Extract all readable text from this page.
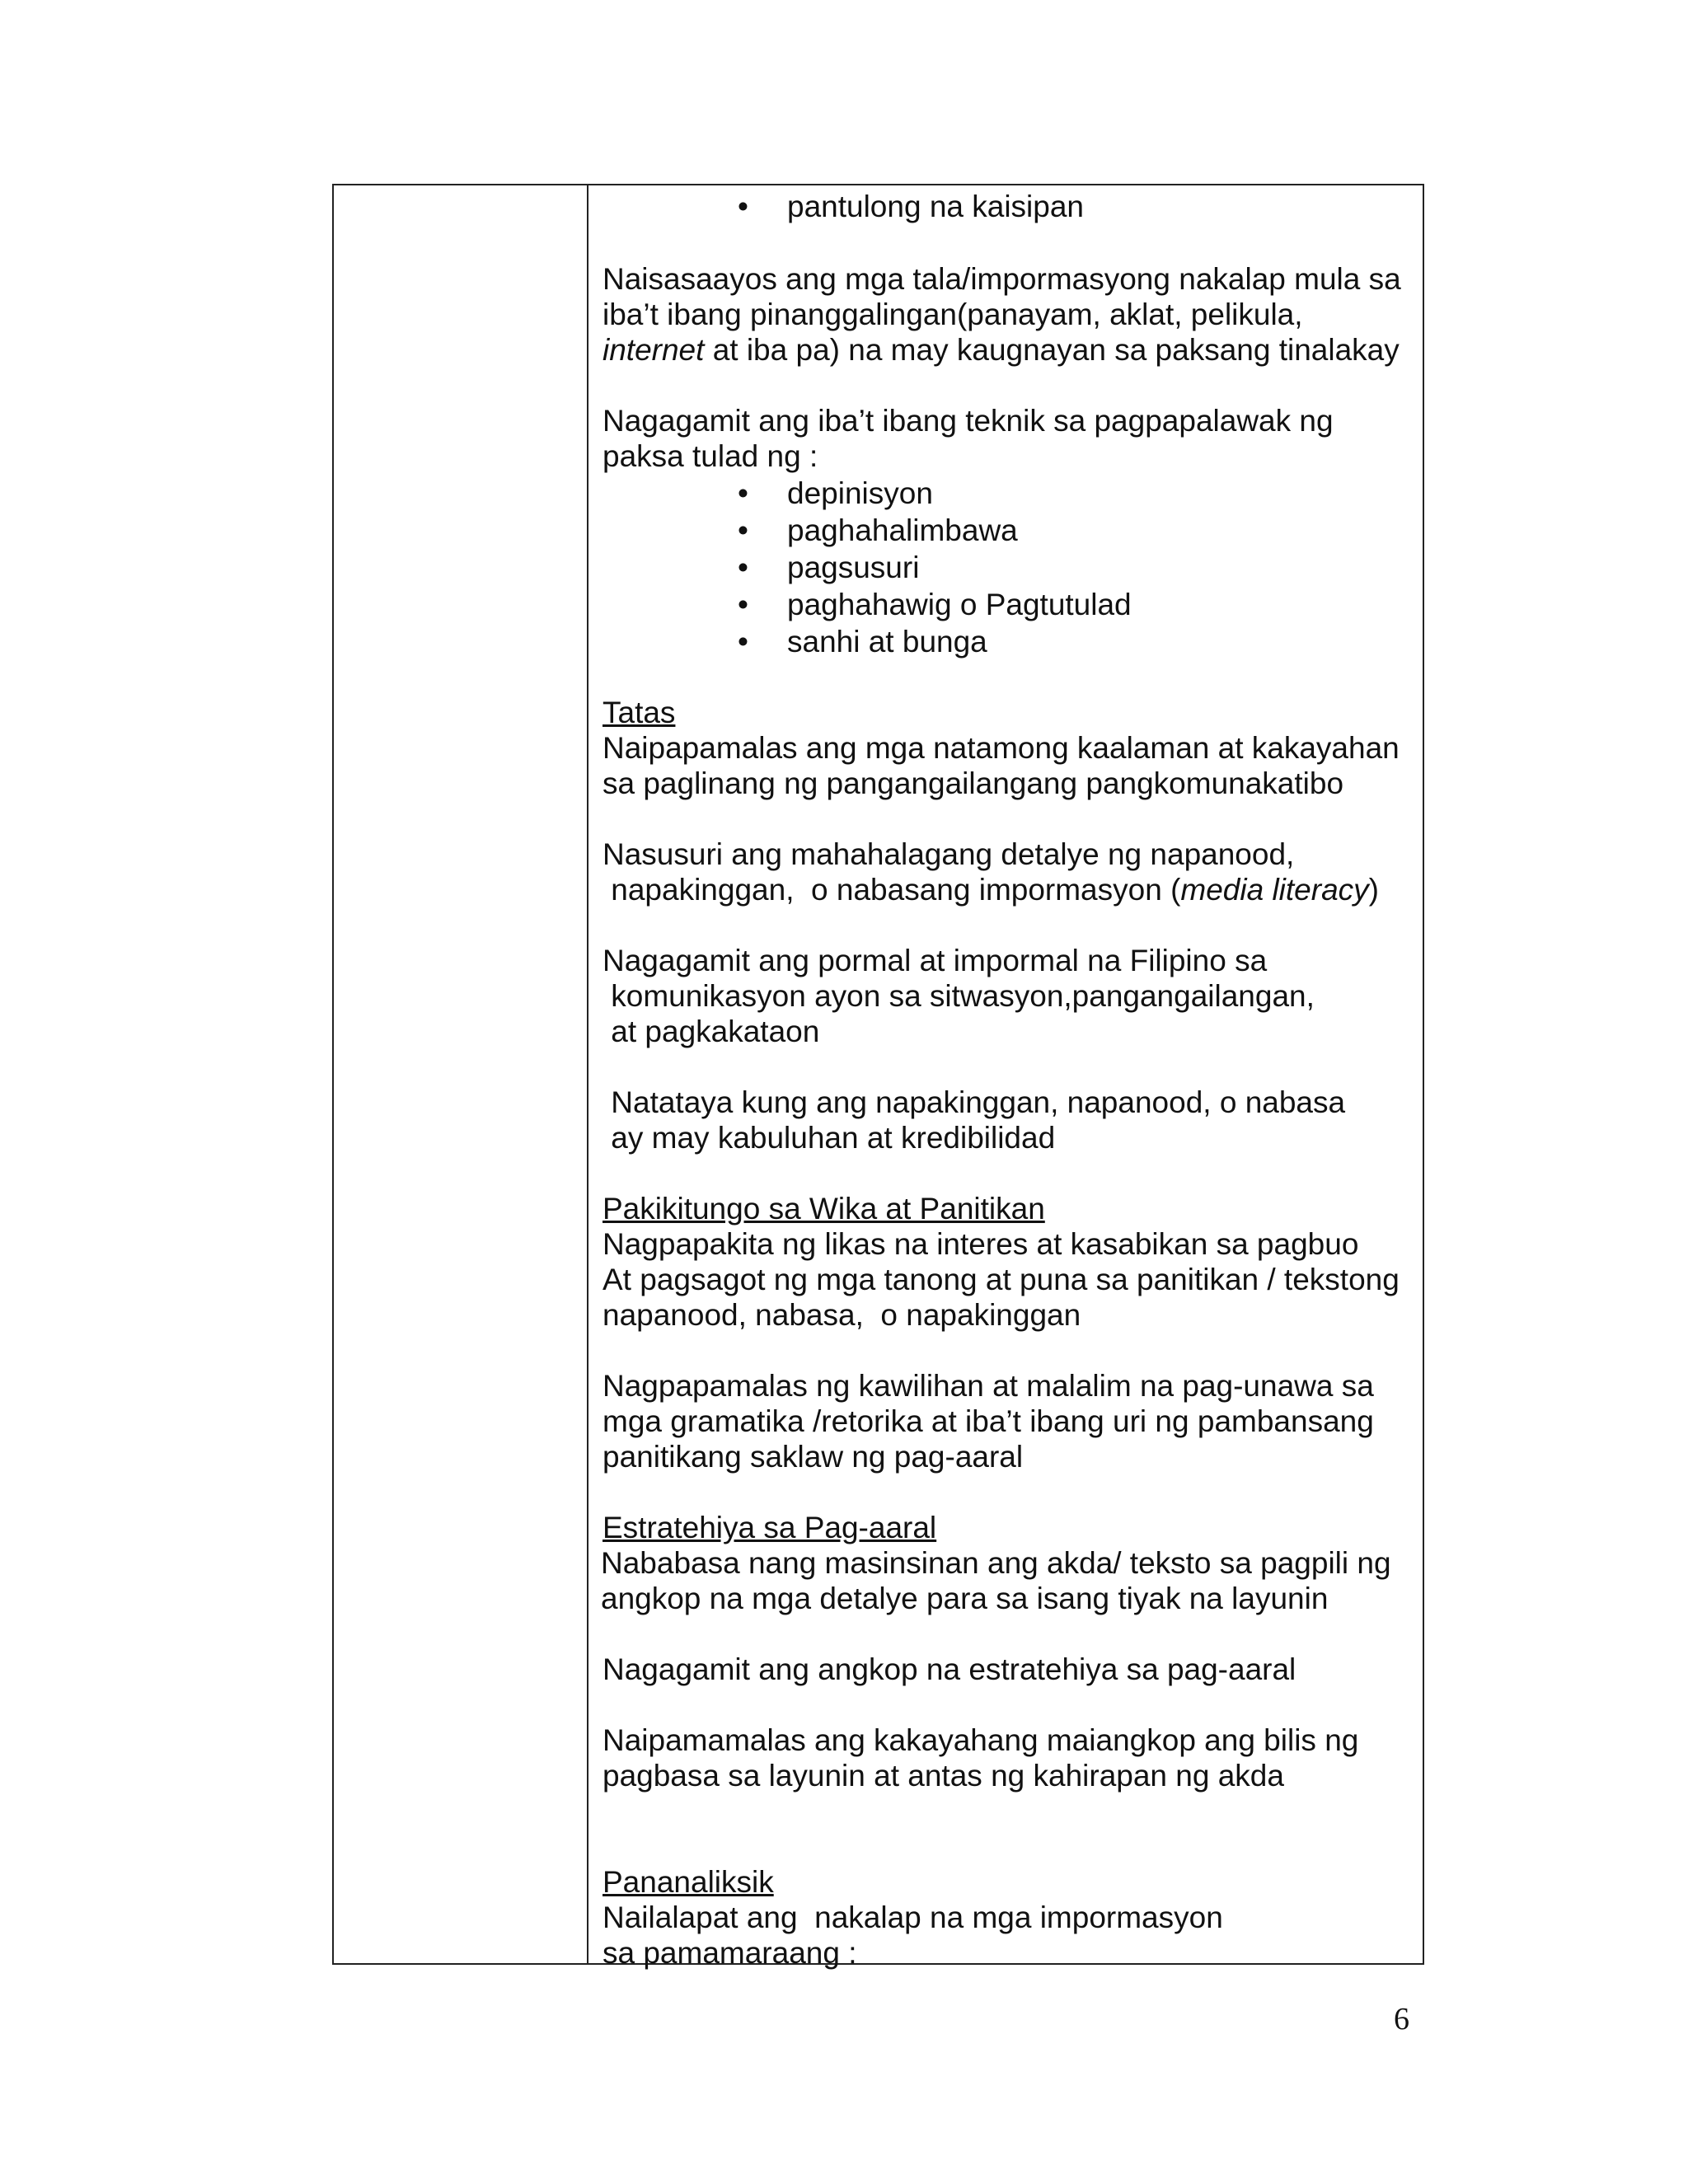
• pantulong na kaisipan
Naisasaayos ang mga tala/impormasyong nakalap mula sa
iba’t ibang pinanggalingan(panayam, aklat, pelikula,
internet at iba pa) na may kaugnayan sa paksang tinalakay
Nagagamit ang iba’t ibang teknik sa pagpapalawak ng
paksa tulad ng :
• depinisyon
• paghahalimbawa
• pagsusuri
• paghahawig o Pagtutulad
• sanhi at bunga
Tatas
Naipapamalas ang mga natamong kaalaman at kakayahan
sa paglinang ng pangangailangang pangkomunakatibo
Nasusuri ang mahahalagang detalye ng napanood,
napakinggan,  o nabasang impormasyon (media literacy)
Nagagamit ang pormal at impormal na Filipino sa
komunikasyon ayon sa sitwasyon,pangangailangan,
at pagkakataon
Natataya kung ang napakinggan, napanood, o nabasa
ay may kabuluhan at kredibilidad
Pakikitungo sa Wika at Panitikan
Nagpapakita ng likas na interes at kasabikan sa pagbuo
At pagsagot ng mga tanong at puna sa panitikan / tekstong
napanood, nabasa,  o napakinggan
Nagpapamalas ng kawilihan at malalim na pag-unawa sa
mga gramatika /retorika at iba’t ibang uri ng pambansang
panitikang saklaw ng pag-aaral
Estratehiya sa Pag-aaral
Nababasa nang masinsinan ang akda/ teksto sa pagpili ng
angkop na mga detalye para sa isang tiyak na layunin
Nagagamit ang angkop na estratehiya sa pag-aaral
Naipamamalas ang kakayahang maiangkop ang bilis ng
pagbasa sa layunin at antas ng kahirapan ng akda
Pananaliksik
Nailalapat ang  nakalap na mga impormasyon
sa pamamaraang :
6
